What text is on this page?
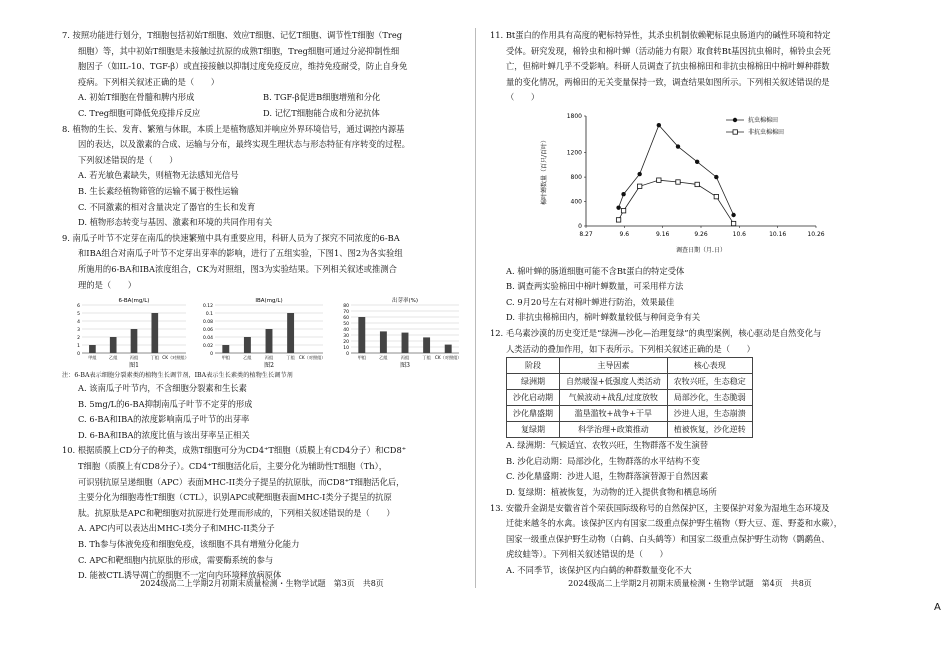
7. 按照功能进行划分，T细胞包括初始T细胞、效应T细胞、记忆T细胞、调节性T细胞（Treg

细胞）等，其中初始T细胞是未接触过抗原的成熟T细胞，Treg细胞可通过分泌抑制性细

胞因子（如IL-10、TGF-β）或直接接触以抑制过度免疫反应，维持免疫耐受，防止自身免

疫病。下列相关叙述正确的是（　　）

A. 初始T细胞在骨髓和脾内形成	B. TGF-β促进B细胞增殖和分化
C. Treg细胞可降低免疫排斥反应	D. 记忆T细胞能合成和分泌抗体

8. 植物的生长、发育、繁殖与休眠，本质上是植物感知并响应外界环境信号，通过调控内源基

因的表达，以及激素的合成、运输与分布，最终实现生理状态与形态特征有序转变的过程。

下列叙述错误的是（　　）

A. 若光敏色素缺失，则植物无法感知光信号

B. 生长素经植物筛管的运输不属于极性运输

C. 不同激素的相对含量决定了器官的生长和发育

D. 植物形态转变与基因、激素和环境的共同作用有关

9. 南瓜子叶节不定芽在南瓜的快速繁殖中具有重要应用，科研人员为了探究不同浓度的6-BA

和IBA组合对南瓜子叶节不定芽出芽率的影响，进行了五组实验，下图1、图2为各实验组

所施用的6-BA和IBA浓度组合，CK为对照组，图3为实验结果。下列相关叙述或推测合

理的是（　　）

6-BA(mg/L)
0
1
2
3
4
5
6
甲组	乙组	丙组	丁组 CK（对照组）
图1
IBA(mg/L)
0
0.02
0.04
0.06
0.08
0.1
0.12
甲组	乙组	丙组	丁组 CK（对照组）
图2
出芽率(%)
0
10
20
30
40
50
60
70
80
甲组	乙组	丙组	丁组 CK（对照组）
图3

注：6-BA表示细胞分裂素类的植物生长调节剂，IBA表示生长素类的植物生长调节剂

A. 该南瓜子叶节内，不含细胞分裂素和生长素

B. 5mg/L的6-BA抑制南瓜子叶节不定芽的形成

C. 6-BA和IBA的浓度影响南瓜子叶节的出芽率

D. 6-BA和IBA的浓度比值与该出芽率呈正相关

10. 根据质膜上CD分子的种类，成熟T细胞可分为CD4⁺T细胞（质膜上有CD4分子）和CD8⁺

T细胞（质膜上有CD8分子）。CD4⁺T细胞活化后，主要分化为辅助性T细胞（Th），

可识别抗原呈递细胞（APC）表面MHC-II类分子提呈的抗原肽，而CD8⁺T细胞活化后，

主要分化为细胞毒性T细胞（CTL），识别APC或靶细胞表面MHC-I类分子提呈的抗原

肽。抗原肽是APC和靶细胞对抗原进行处理而形成的，下列相关叙述错误的是（　　）

A. APC内可以表达出MHC-I类分子和MHC-II类分子

B. Th参与体液免疫和细胞免疫，该细胞不具有增殖分化能力

C. APC和靶细胞内抗原肽的形成，需要酶系统的参与

D. 能被CTL诱导凋亡的细胞不一定向内环境释放病原体

2024级高二上学期2月初期末质量检测・生物学试题　第3页　共8页

11. Bt蛋白的作用具有高度的靶标特异性，其杀虫机制依赖靶标昆虫肠道内的碱性环境和特定

受体。研究发现，棉铃虫和棉叶蝉（活动能力有限）取食转Bt基因抗虫棉时，棉铃虫会死

亡，但棉叶蝉几乎不受影响。科研人员调查了抗虫棉棉田和非抗虫棉棉田中棉叶蝉种群数

量的变化情况，两棉田的无关变量保持一致，调查结果如图所示。下列相关叙述错误的是

（　　）

0
400
800
1200
1800
8.27	9.6	9.16	9.26	10.6	10.16	10.26
调查日期（月.日）
棉叶蝉数量（百只/百叶）
抗虫棉棉田
非抗虫棉棉田

A. 棉叶蝉的肠道细胞可能不含Bt蛋白的特定受体

B. 调查两实验棉田中棉叶蝉数量，可采用样方法

C. 9月20号左右对棉叶蝉进行防治，效果最佳

D. 非抗虫棉棉田内，棉叶蝉数量较低与种间竞争有关

12. 毛乌素沙漠的历史变迁是“绿洲—沙化—治理复绿”的典型案例，核心驱动是自然变化与

人类活动的叠加作用，如下表所示。下列相关叙述正确的是（　　）

阶段	主导因素	核心表现
绿洲期	自然暖湿+低强度人类活动	农牧兴旺，生态稳定
沙化启动期	气候波动+战乱/过度放牧	局部沙化，生态脆弱
沙化鼎盛期	滥垦滥牧+战争+干旱	沙进人退，生态崩溃
复绿期	科学治理+政策推动	植被恢复，沙化逆转

A. 绿洲期：气候适宜、农牧兴旺，生物群落不发生演替

B. 沙化启动期：局部沙化，生物群落的水平结构不变

C. 沙化鼎盛期：沙进人退，生物群落演替源于自然因素

D. 复绿期：植被恢复，为动物的迁入提供食物和栖息场所

13. 安徽升金湖是安徽省首个荣获国际级称号的自然保护区，主要保护对象为湿地生态环境及

迁徙来越冬的水禽。该保护区内有国家二级重点保护野生植物（野大豆、莲、野菱和水蕨），

国家一级重点保护野生动物（白鹤、白头鹤等）和国家二级重点保护野生动物（鹮鹬鱼、

虎纹蛙等）。下列相关叙述错误的是（　　）

A. 不同季节，该保护区内白鹤的种群数量变化不大

2024级高二上学期2月初期末质量检测・生物学试题　第4页　共8页
A
